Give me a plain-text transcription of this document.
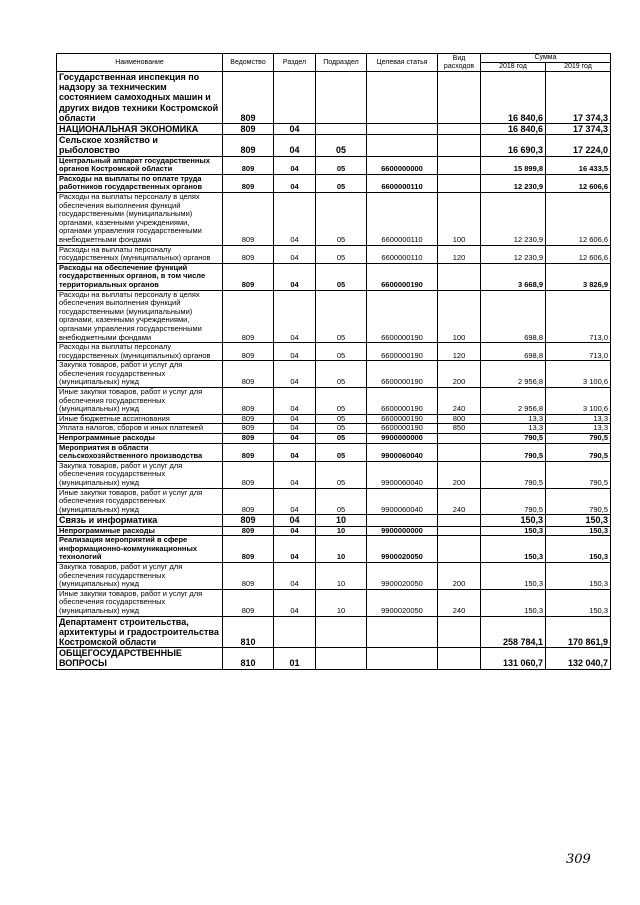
Наименование	Ведомство	Раздел	Подраздел	Целевая статья	Вид расходов	Сумма	
						2018 год	2019 год
Государственная инспекция по надзору за техническим состоянием самоходных машин и других видов техники Костромской области	809					16 840,6	17 374,3
НАЦИОНАЛЬНАЯ ЭКОНОМИКА	809	04				16 840,6	17 374,3
Сельское хозяйство и рыболовство	809	04	05			16 690,3	17 224,0
Центральный аппарат государственных органов Костромской области	809	04	05	6600000000		15 899,8	16 433,5
Расходы на выплаты по оплате труда работников государственных органов	809	04	05	6600000110		12 230,9	12 606,6
Расходы на выплаты персоналу в целях обеспечения выполнения функций государственными (муниципальными) органами, казенными учреждениями, органами управления государственными внебюджетными фондами	809	04	05	6600000110	100	12 230,9	12 606,6
Расходы на выплаты персоналу государственных (муниципальных) органов	809	04	05	6600000110	120	12 230,9	12 606,6
Расходы на обеспечение функций государственных органов, в том числе территориальных органов	809	04	05	6600000190		3 668,9	3 826,9
Расходы на выплаты персоналу в целях обеспечения выполнения функций государственными (муниципальными) органами, казенными учреждениями, органами управления государственными внебюджетными фондами	809	04	05	6600000190	100	698,8	713,0
Расходы на выплаты персоналу государственных (муниципальных) органов	809	04	05	6600000190	120	698,8	713,0
Закупка товаров, работ и услуг для обеспечения государственных (муниципальных) нужд	809	04	05	6600000190	200	2 956,8	3 100,6
Иные закупки товаров, работ и услуг для обеспечения государственных (муниципальных) нужд	809	04	05	6600000190	240	2 956,8	3 100,6
Иные бюджетные ассигнования	809	04	05	6600000190	800	13,3	13,3
Уплата налогов, сборов и иных платежей	809	04	05	6600000190	850	13,3	13,3
Непрограммные расходы	809	04	05	9900000000		790,5	790,5
Мероприятия в области сельскохозяйственного производства	809	04	05	9900060040		790,5	790,5
Закупка товаров, работ и услуг для обеспечения государственных (муниципальных) нужд	809	04	05	9900060040	200	790,5	790,5
Иные закупки товаров, работ и услуг для обеспечения государственных (муниципальных) нужд	809	04	05	9900060040	240	790,5	790,5
Связь и информатика	809	04	10			150,3	150,3
Непрограммные расходы	809	04	10	9900000000		150,3	150,3
Реализация мероприятий в сфере информационно-коммуникационных технологий	809	04	10	9900020050		150,3	150,3
Закупка товаров, работ и услуг для обеспечения государственных (муниципальных) нужд	809	04	10	9900020050	200	150,3	150,3
Иные закупки товаров, работ и услуг для обеспечения государственных (муниципальных) нужд	809	04	10	9900020050	240	150,3	150,3
Департамент строительства, архитектуры и градостроительства Костромской области	810					258 784,1	170 861,9
ОБЩЕГОСУДАРСТВЕННЫЕ ВОПРОСЫ	810	01				131 060,7	132 040,7
309
